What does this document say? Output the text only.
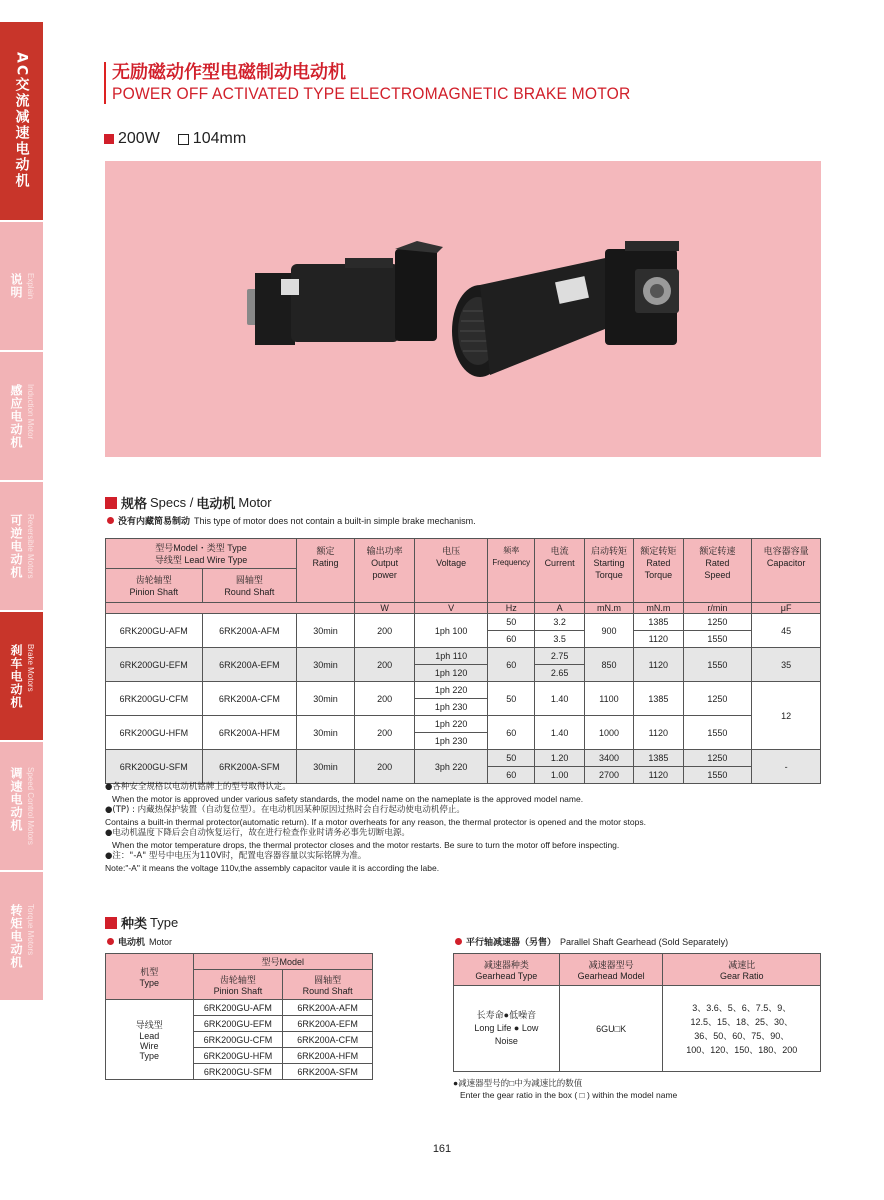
AC交流减速电动机
说明 Explain
感应电动机 Induction Motor
可逆电动机 Reversible Motors
刹车电动机 Brake Motors
调速电动机 Speed Control Motors
转矩电动机 Torque Motors
无励磁动作型电磁制动电动机
POWER OFF ACTIVATED TYPE ELECTROMAGNETIC BRAKE MOTOR
200W 104mm
规格 Specs / 电动机 Motor
没有内藏简易制动 This type of motor does not contain a built-in simple brake mechanism.
型号Model・类型 Type
导线型 Lead Wire Type		额定
Rating	输出功率
Output
power	电压
Voltage	频率
Frequency	电流
Current	启动转矩
Starting
Torque	额定转矩
Rated
Torque	额定转速
Rated
Speed	电容器容量
Capacitor
齿轮轴型
Pinion Shaft	圆轴型
Round Shaft									
			W	V	Hz	A	mN.m	mN.m	r/min	μF
6RK200GU-AFM	6RK200A-AFM	30min	200	1ph 100	50	3.2	900	1385	1250	45
					60	3.5		1120	1550	
6RK200GU-EFM	6RK200A-EFM	30min	200	1ph 110	60	2.75	850	1120	1550	35
				1ph 120		2.65				
6RK200GU-CFM	6RK200A-CFM	30min	200	1ph 220	50	1.40	1100	1385	1250	12
				1ph 230						
6RK200GU-HFM	6RK200A-HFM	30min	200	1ph 220	60	1.40	1000	1120	1550	
				1ph 230						
6RK200GU-SFM	6RK200A-SFM	30min	200	3ph 220	50	1.20	3400	1385	1250	-
					60	1.00	2700	1120	1550	
●各种安全规格以电动机铭牌上的型号取得认定。
When the motor is approved under various safety standards, the model name on the nameplate is the approved model name.
●(TP) : 内藏热保护装置（自动复位型）。在电动机因某种原因过热时会自行起动使电动机停止。
Contains a built-in thermal protector(automatic return). If a motor overheats for any reason, the thermal protector is opened and the motor stops.
●电动机温度下降后会自动恢复运行，故在进行检查作业时请务必事先切断电源。
When the motor temperature drops, the thermal protector closes and the motor restarts. Be sure to turn the motor off before inspecting.
●注："-A" 型号中电压为110V时，配置电容器容量以实际铭牌为准。
Note:"-A" it means the voltage 110v,the assembly capacitor vaule it is according the labe.
种类 Type
电动机 Motor	平行轴减速器（另售） Parallel Shaft Gearhead (Sold Separately)
机型
Type	型号Model	
	齿轮轴型
Pinion Shaft	圆轴型
Round Shaft
导线型
Lead
Wire
Type	6RK200GU-AFM	6RK200A-AFM
	6RK200GU-EFM	6RK200A-EFM
	6RK200GU-CFM	6RK200A-CFM
	6RK200GU-HFM	6RK200A-HFM
	6RK200GU-SFM	6RK200A-SFM
减速器种类
Gearhead Type	减速器型号
Gearhead Model	减速比
Gear Ratio
长寿命●低噪音
Long Life ● Low
Noise	6GU□K	3、3.6、5、6、7.5、9、
12.5、15、18、25、30、
36、50、60、75、90、
100、120、150、180、200
●减速器型号的□中为减速比的数值
Enter the gear ratio in the box ( □ ) within the model name
161
